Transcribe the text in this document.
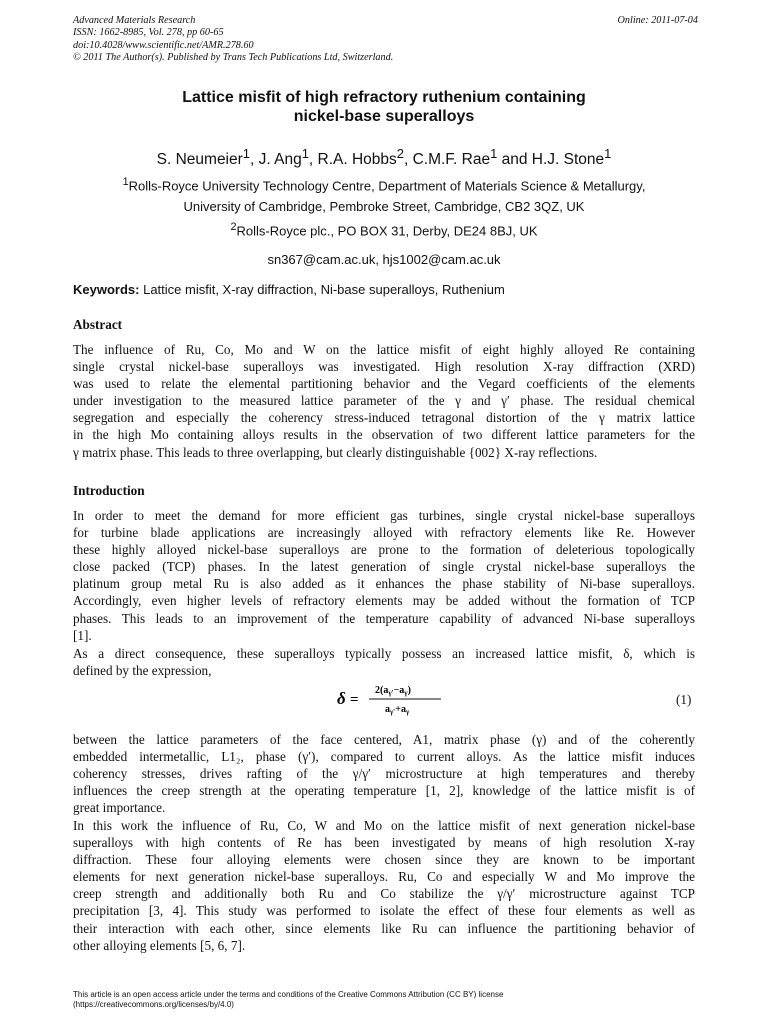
Advanced Materials Research
ISSN: 1662-8985, Vol. 278, pp 60-65
doi:10.4028/www.scientific.net/AMR.278.60
© 2011 The Author(s). Published by Trans Tech Publications Ltd, Switzerland.
Online: 2011-07-04
Lattice misfit of high refractory ruthenium containing
nickel-base superalloys
S. Neumeier$^1$, J. Ang$^1$, R.A. Hobbs$^2$, C.M.F. Rae$^1$ and H.J. Stone$^1$
$^1$Rolls-Royce University Technology Centre, Department of Materials Science & Metallurgy,
University of Cambridge, Pembroke Street, Cambridge, CB2 3QZ, UK
$^2$Rolls-Royce plc., PO BOX 31, Derby, DE24 8BJ, UK
sn367@cam.ac.uk, hjs1002@cam.ac.uk
Keywords: Lattice misfit, X-ray diffraction, Ni-base superalloys, Ruthenium
Abstract
The influence of Ru, Co, Mo and W on the lattice misfit of eight highly alloyed Re containing
single crystal nickel-base superalloys was investigated. High resolution X-ray diffraction (XRD)
was used to relate the elemental partitioning behavior and the Vegard coefficients of the elements
under investigation to the measured lattice parameter of the γ and γ′ phase. The residual chemical
segregation and especially the coherency stress-induced tetragonal distortion of the γ matrix lattice
in the high Mo containing alloys results in the observation of two different lattice parameters for the
γ matrix phase. This leads to three overlapping, but clearly distinguishable {002} X-ray reflections.
Introduction
In order to meet the demand for more efficient gas turbines, single crystal nickel-base superalloys
for turbine blade applications are increasingly alloyed with refractory elements like Re. However
these highly alloyed nickel-base superalloys are prone to the formation of deleterious topologically
close packed (TCP) phases. In the latest generation of single crystal nickel-base superalloys the
platinum group metal Ru is also added as it enhances the phase stability of Ni-base superalloys.
Accordingly, even higher levels of refractory elements may be added without the formation of TCP
phases. This leads to an improvement of the temperature capability of advanced Ni-base superalloys
[1].
As a direct consequence, these superalloys typically possess an increased lattice misfit, δ, which is
defined by the expression,
δ =
$2(a_{\gamma'}-a_\gamma)$
$a_{\gamma'}+a_\gamma$
(1)
between the lattice parameters of the face centered, A1, matrix phase (γ) and of the coherently
embedded intermetallic, L1₂, phase (γ′), compared to current alloys. As the lattice misfit induces
coherency stresses, drives rafting of the γ/γ′ microstructure at high temperatures and thereby
influences the creep strength at the operating temperature [1, 2], knowledge of the lattice misfit is of
great importance.
In this work the influence of Ru, Co, W and Mo on the lattice misfit of next generation nickel-base
superalloys with high contents of Re has been investigated by means of high resolution X-ray
diffraction. These four alloying elements were chosen since they are known to be important
elements for next generation nickel-base superalloys. Ru, Co and especially W and Mo improve the
creep strength and additionally both Ru and Co stabilize the γ/γ′ microstructure against TCP
precipitation [3, 4]. This study was performed to isolate the effect of these four elements as well as
their interaction with each other, since elements like Ru can influence the partitioning behavior of
other alloying elements [5, 6, 7].
This article is an open access article under the terms and conditions of the Creative Commons Attribution (CC BY) license
(https://creativecommons.org/licenses/by/4.0)
